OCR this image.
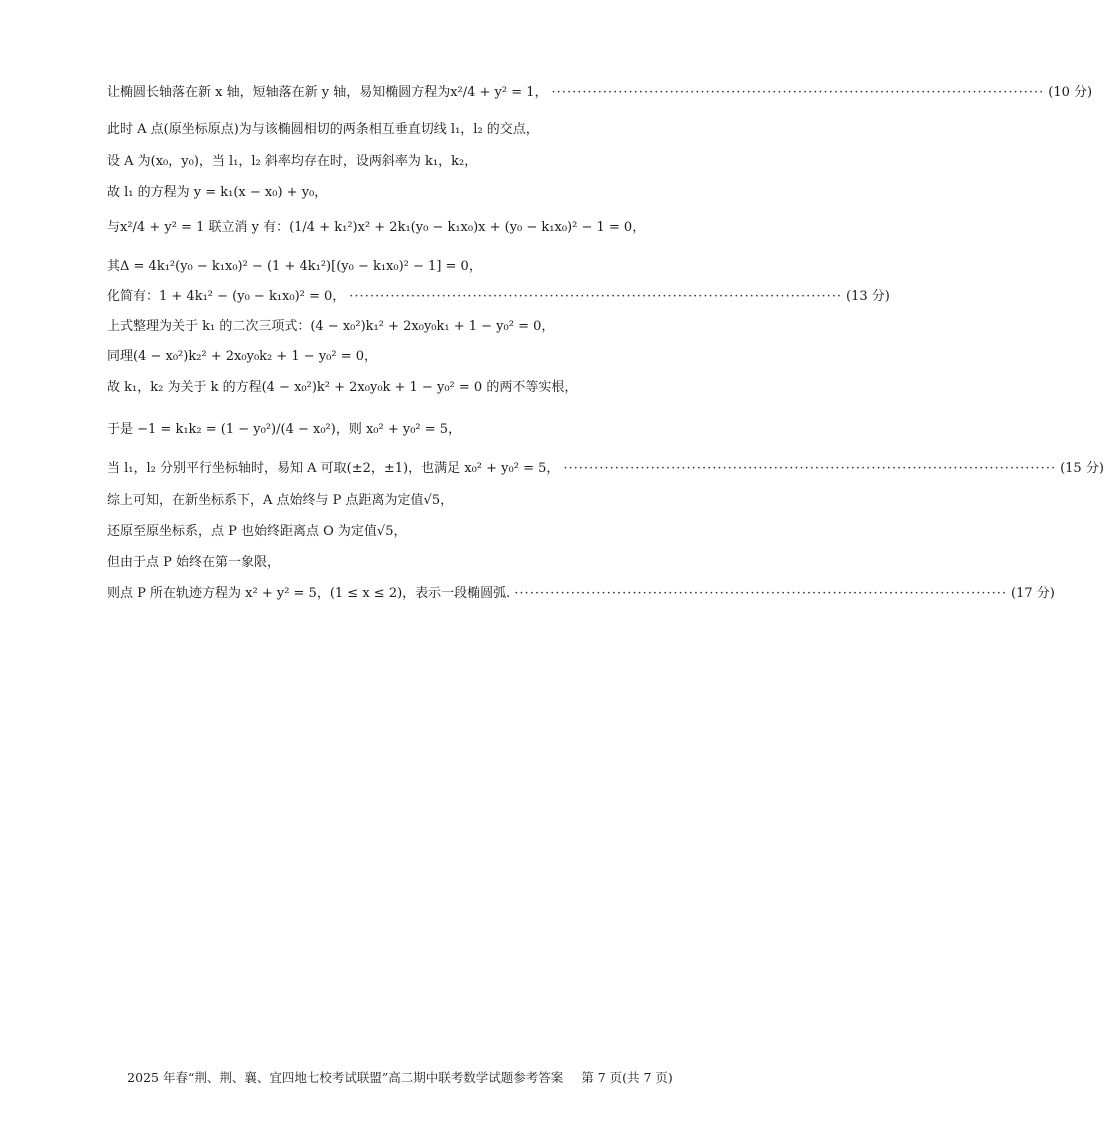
让椭圆长轴落在新 x 轴，短轴落在新 y 轴，易知椭圆方程为x²/4 + y² = 1， ································································································ (10 分)
此时 A 点(原坐标原点)为与该椭圆相切的两条相互垂直切线 l₁，l₂ 的交点，
设 A 为(x₀，y₀)，当 l₁，l₂ 斜率均存在时，设两斜率为 k₁，k₂，
故 l₁ 的方程为 y = k₁(x − x₀) + y₀，
与x²/4 + y² = 1 联立消 y 有：(1/4 + k₁²)x² + 2k₁(y₀ − k₁x₀)x + (y₀ − k₁x₀)² − 1 = 0，
其Δ = 4k₁²(y₀ − k₁x₀)² − (1 + 4k₁²)[(y₀ − k₁x₀)² − 1] = 0，
化简有：1 + 4k₁² − (y₀ − k₁x₀)² = 0， ································································································ (13 分)
上式整理为关于 k₁ 的二次三项式：(4 − x₀²)k₁² + 2x₀y₀k₁ + 1 − y₀² = 0，
同理(4 − x₀²)k₂² + 2x₀y₀k₂ + 1 − y₀² = 0，
故 k₁，k₂ 为关于 k 的方程(4 − x₀²)k² + 2x₀y₀k + 1 − y₀² = 0 的两不等实根，
于是 −1 = k₁k₂ = (1 − y₀²)/(4 − x₀²)，则 x₀² + y₀² = 5，
当 l₁，l₂ 分别平行坐标轴时，易知 A 可取(±2，±1)，也满足 x₀² + y₀² = 5， ································································································ (15 分)
综上可知，在新坐标系下，A 点始终与 P 点距离为定值√5，
还原至原坐标系，点 P 也始终距离点 O 为定值√5，
但由于点 P 始终在第一象限，
则点 P 所在轨迹方程为 x² + y² = 5，(1 ≤ x ≤ 2)，表示一段椭圆弧. ································································································ (17 分)
2025 年春“荆、荆、襄、宜四地七校考试联盟”高二期中联考数学试题参考答案 第 7 页(共 7 页)
